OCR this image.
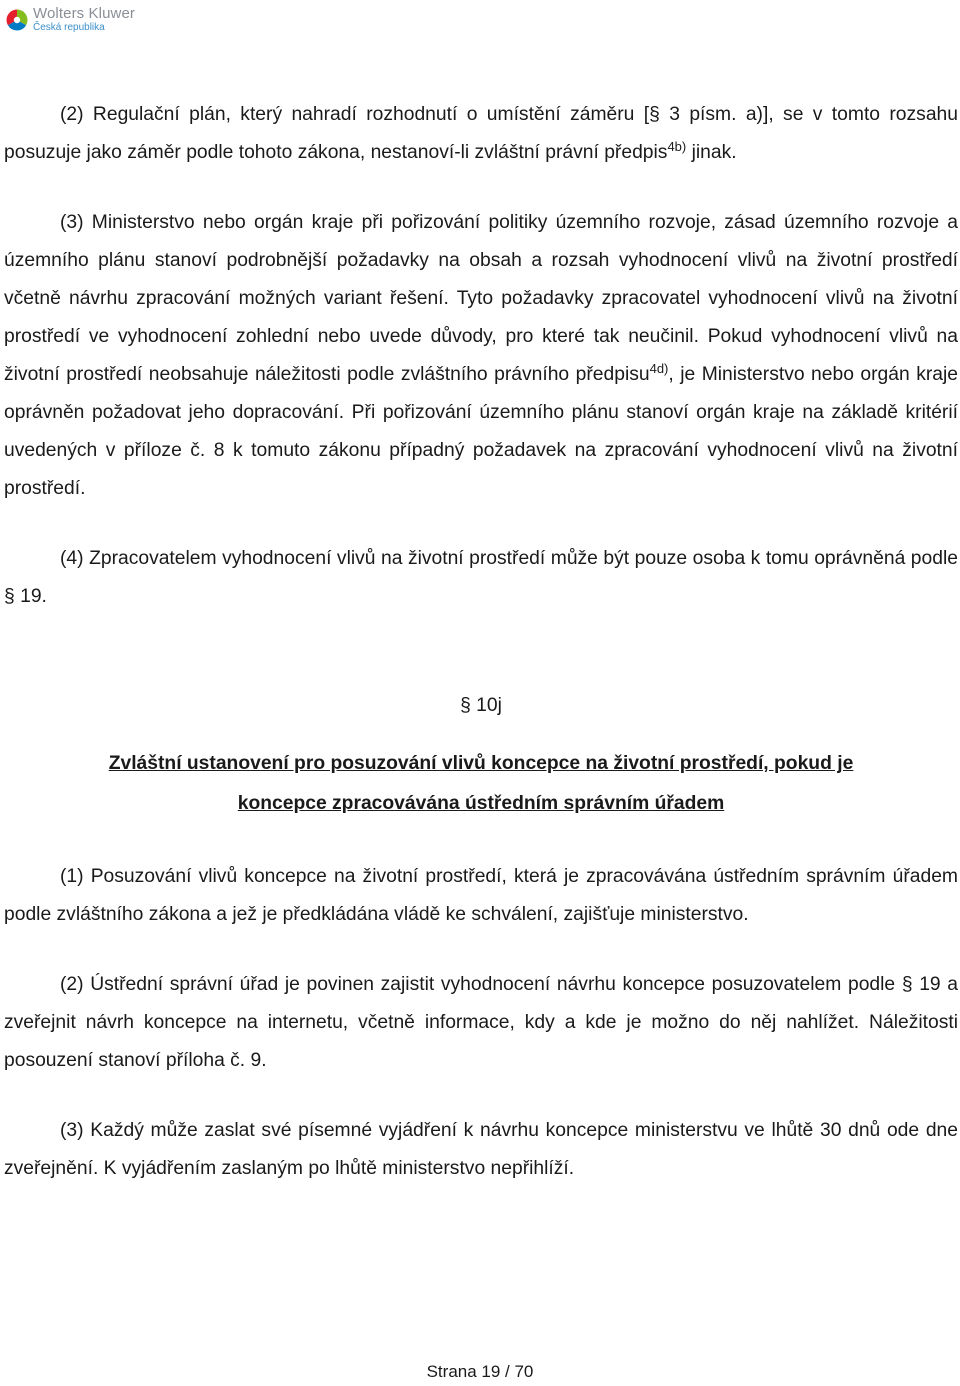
Wolters Kluwer
Česká republika

(2) Regulační plán, který nahradí rozhodnutí o umístění záměru [§ 3 písm. a)], se v tomto rozsahu posuzuje jako záměr podle tohoto zákona, nestanoví-li zvláštní právní předpis$^{4b)}$ jinak.

(3) Ministerstvo nebo orgán kraje při pořizování politiky územního rozvoje, zásad územního rozvoje a územního plánu stanoví podrobnější požadavky na obsah a rozsah vyhodnocení vlivů na životní prostředí včetně návrhu zpracování možných variant řešení. Tyto požadavky zpracovatel vyhodnocení vlivů na životní prostředí ve vyhodnocení zohlední nebo uvede důvody, pro které tak neučinil. Pokud vyhodnocení vlivů na životní prostředí neobsahuje náležitosti podle zvláštního právního předpisu$^{4d)}$, je Ministerstvo nebo orgán kraje oprávněn požadovat jeho dopracování. Při pořizování územního plánu stanoví orgán kraje na základě kritérií uvedených v příloze č. 8 k tomuto zákonu případný požadavek na zpracování vyhodnocení vlivů na životní prostředí.

(4) Zpracovatelem vyhodnocení vlivů na životní prostředí může být pouze osoba k tomu oprávněná podle § 19.

§ 10j

Zvláštní ustanovení pro posuzování vlivů koncepce na životní prostředí, pokud je koncepce zpracovávána ústředním správním úřadem

(1) Posuzování vlivů koncepce na životní prostředí, která je zpracovávána ústředním správním úřadem podle zvláštního zákona a jež je předkládána vládě ke schválení, zajišťuje ministerstvo.

(2) Ústřední správní úřad je povinen zajistit vyhodnocení návrhu koncepce posuzovatelem podle § 19 a zveřejnit návrh koncepce na internetu, včetně informace, kdy a kde je možno do něj nahlížet. Náležitosti posouzení stanoví příloha č. 9.

(3) Každý může zaslat své písemné vyjádření k návrhu koncepce ministerstvu ve lhůtě 30 dnů ode dne zveřejnění. K vyjádřením zaslaným po lhůtě ministerstvo nepřihlíží.

Strana 19 / 70
